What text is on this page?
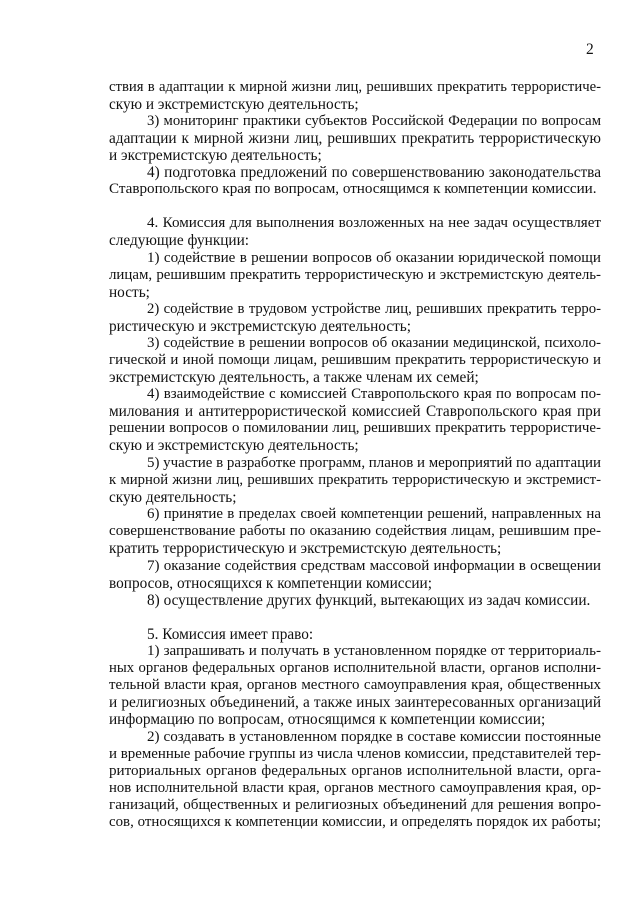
2
ствия в адаптации к мирной жизни лиц, решивших прекратить террористиче-
скую и экстремистскую деятельность;
3) мониторинг практики субъектов Российской Федерации по вопросам
адаптации к мирной жизни лиц, решивших прекратить террористическую
и экстремистскую деятельность;
4) подготовка предложений по совершенствованию законодательства
Ставропольского края по вопросам, относящимся к компетенции комиссии.
4. Комиссия для выполнения возложенных на нее задач осуществляет
следующие функции:
1) содействие в решении вопросов об оказании юридической помощи
лицам, решившим прекратить террористическую и экстремистскую деятель-
ность;
2) содействие в трудовом устройстве лиц, решивших прекратить терро-
ристическую и экстремистскую деятельность;
3) содействие в решении вопросов об оказании медицинской, психоло-
гической и иной помощи лицам, решившим прекратить террористическую и
экстремистскую деятельность, а также членам их семей;
4) взаимодействие с комиссией Ставропольского края по вопросам по-
милования и антитеррористической комиссией Ставропольского края при
решении вопросов о помиловании лиц, решивших прекратить террористиче-
скую и экстремистскую деятельность;
5) участие в разработке программ, планов и мероприятий по адаптации
к мирной жизни лиц, решивших прекратить террористическую и экстремист-
скую деятельность;
6) принятие в пределах своей компетенции решений, направленных на
совершенствование работы по оказанию содействия лицам, решившим пре-
кратить террористическую и экстремистскую деятельность;
7) оказание содействия средствам массовой информации в освещении
вопросов, относящихся к компетенции комиссии;
8) осуществление других функций, вытекающих из задач комиссии.
5. Комиссия имеет право:
1) запрашивать и получать в установленном порядке от территориаль-
ных органов федеральных органов исполнительной власти, органов исполни-
тельной власти края, органов местного самоуправления края, общественных
и религиозных объединений, а также иных заинтересованных организаций
информацию по вопросам, относящимся к компетенции комиссии;
2) создавать в установленном порядке в составе комиссии постоянные
и временные рабочие группы из числа членов комиссии, представителей тер-
риториальных органов федеральных органов исполнительной власти, орга-
нов исполнительной власти края, органов местного самоуправления края, ор-
ганизаций, общественных и религиозных объединений для решения вопро-
сов, относящихся к компетенции комиссии, и определять порядок их работы;
